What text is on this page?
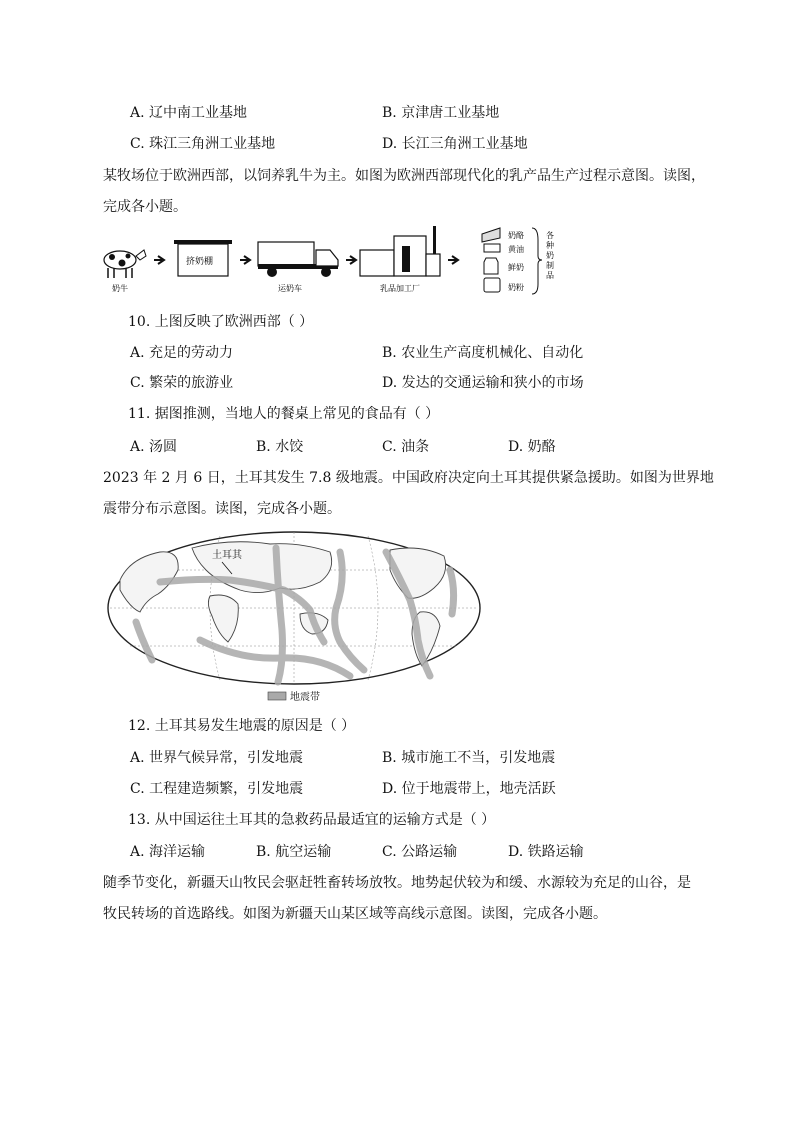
A. 辽中南工业基地	B. 京津唐工业基地
C. 珠江三角洲工业基地	D. 长江三角洲工业基地
某牧场位于欧洲西部，以饲养乳牛为主。如图为欧洲西部现代化的乳产品生产过程示意图。读图，
完成各小题。
奶牛
挤奶棚
运奶车	乳品加工厂
奶酪
黄油
鲜奶
奶粉
各
种
奶
制
品
10. 上图反映了欧洲西部（ ）
A. 充足的劳动力	B. 农业生产高度机械化、自动化
C. 繁荣的旅游业	D. 发达的交通运输和狭小的市场
11. 据图推测，当地人的餐桌上常见的食品有（ ）
A. 汤圆	B. 水饺	C. 油条	D. 奶酪
2023 年 2 月 6 日，土耳其发生 7.8 级地震。中国政府决定向土耳其提供紧急援助。如图为世界地
震带分布示意图。读图，完成各小题。
土耳其
地震带
12. 土耳其易发生地震的原因是（ ）
A. 世界气候异常，引发地震	B. 城市施工不当，引发地震
C. 工程建造频繁，引发地震	D. 位于地震带上，地壳活跃
13. 从中国运往土耳其的急救药品最适宜的运输方式是（ ）
A. 海洋运输	B. 航空运输	C. 公路运输	D. 铁路运输
随季节变化，新疆天山牧民会驱赶牲畜转场放牧。地势起伏较为和缓、水源较为充足的山谷，是
牧民转场的首选路线。如图为新疆天山某区域等高线示意图。读图，完成各小题。
